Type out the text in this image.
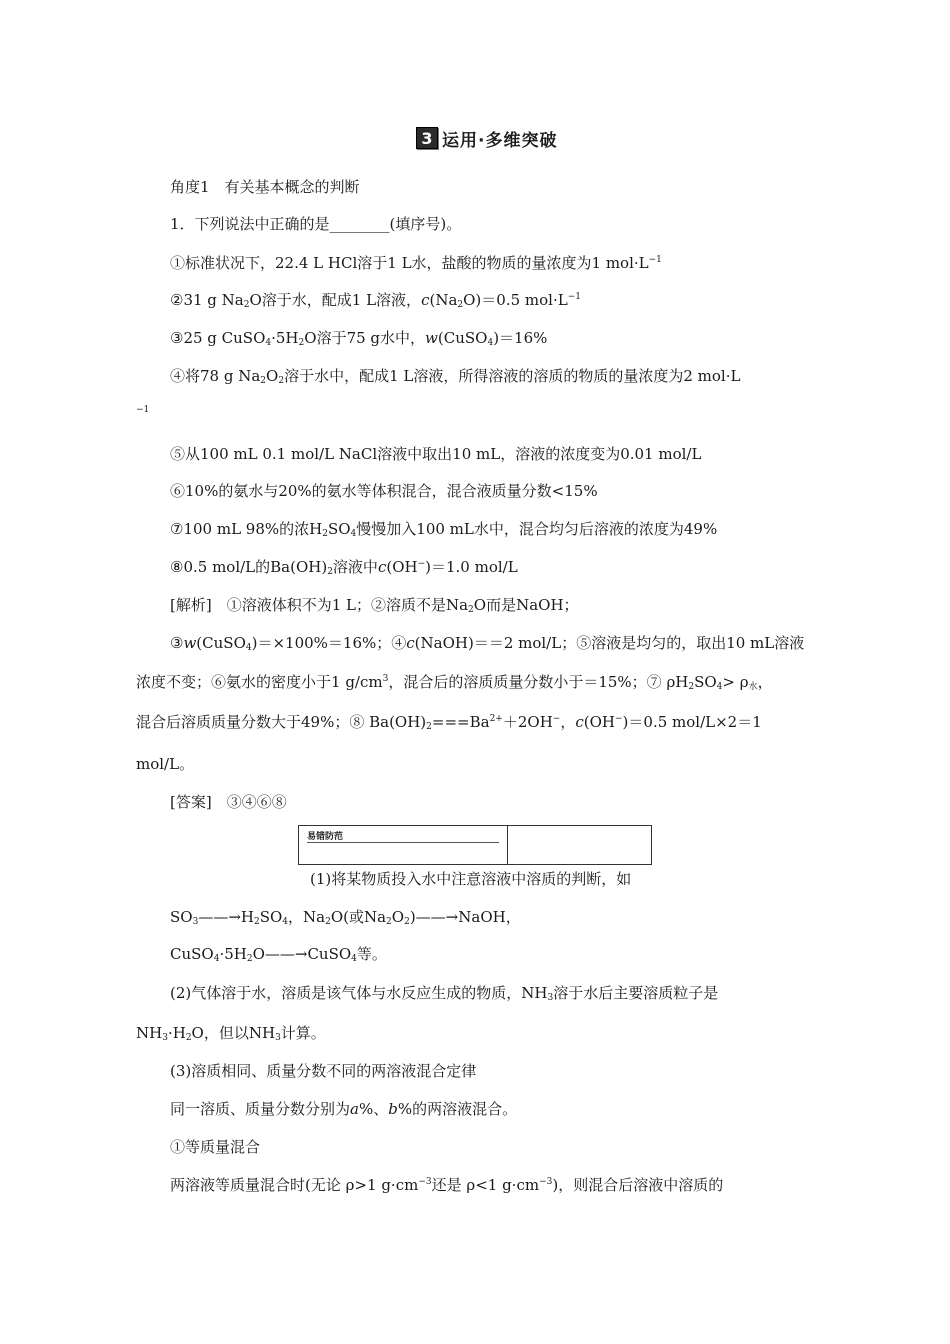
3 运用·多维突破
角度1　有关基本概念的判断
1．下列说法中正确的是________(填序号)。
①标准状况下，22.4 L HCl溶于1 L水，盐酸的物质的量浓度为1 $mol\cdot L^{-1}$
②31 g $Na_2O$溶于水，配成1 L溶液，$c(Na_2O)=0.5$ $mol\cdot L^{-1}$
③25 g $CuSO_4\cdot 5H_2O$溶于75 g水中，w(CuSO$_4$)＝16%
④将78 g $Na_2O_2$溶于水中，配成1 L溶液，所得溶液的溶质的物质的量浓度为2 mol·L
−1
⑤从100 mL 0.1 mol/L NaCl溶液中取出10 mL，溶液的浓度变为0.01 mol/L
⑥10%的氨水与20%的氨水等体积混合，混合液质量分数<15%
⑦100 mL 98%的浓$H_2SO_4$慢慢加入100 mL水中，混合均匀后溶液的浓度为49%
⑧0.5 mol/L的$Ba(OH)_2$溶液中c(OH−)＝1.0 mol/L
[解析]　①溶液体积不为1 L；②溶质不是$Na_2O$而是NaOH；
③w(CuSO$_4$)＝×100%＝16%；④c(NaOH)＝＝2 mol/L；⑤溶液是均匀的，取出10 mL溶液
浓度不变；⑥氨水的密度小于1 $g/cm^3$，混合后的溶质质量分数小于＝15%；⑦ $\rho H_2SO_4> \rho_水$，
混合后溶质质量分数大于49%；⑧ $Ba(OH)_2===Ba^{2+}+2OH^-$，c(OH−)＝0.5 mol/L×2＝1
mol/L。
[答案]　③④⑥⑧
易错防范
(1)将某物质投入水中注意溶液中溶质的判断，如
$SO_3——\to H_2SO_4$，$Na_2O$(或$Na_2O_2)——\to NaOH$，
$CuSO_4\cdot 5H_2O——\to CuSO_4$等。
(2)气体溶于水，溶质是该气体与水反应生成的物质，$NH_3$溶于水后主要溶质粒子是
$NH_3\cdot H_2O$，但以$NH_3$计算。
(3)溶质相同、质量分数不同的两溶液混合定律
同一溶质、质量分数分别为a%、b%的两溶液混合。
①等质量混合
两溶液等质量混合时(无论 ρ>1 $g\cdot cm^{-3}$还是 ρ<1 $g\cdot cm^{-3}$)，则混合后溶液中溶质的
